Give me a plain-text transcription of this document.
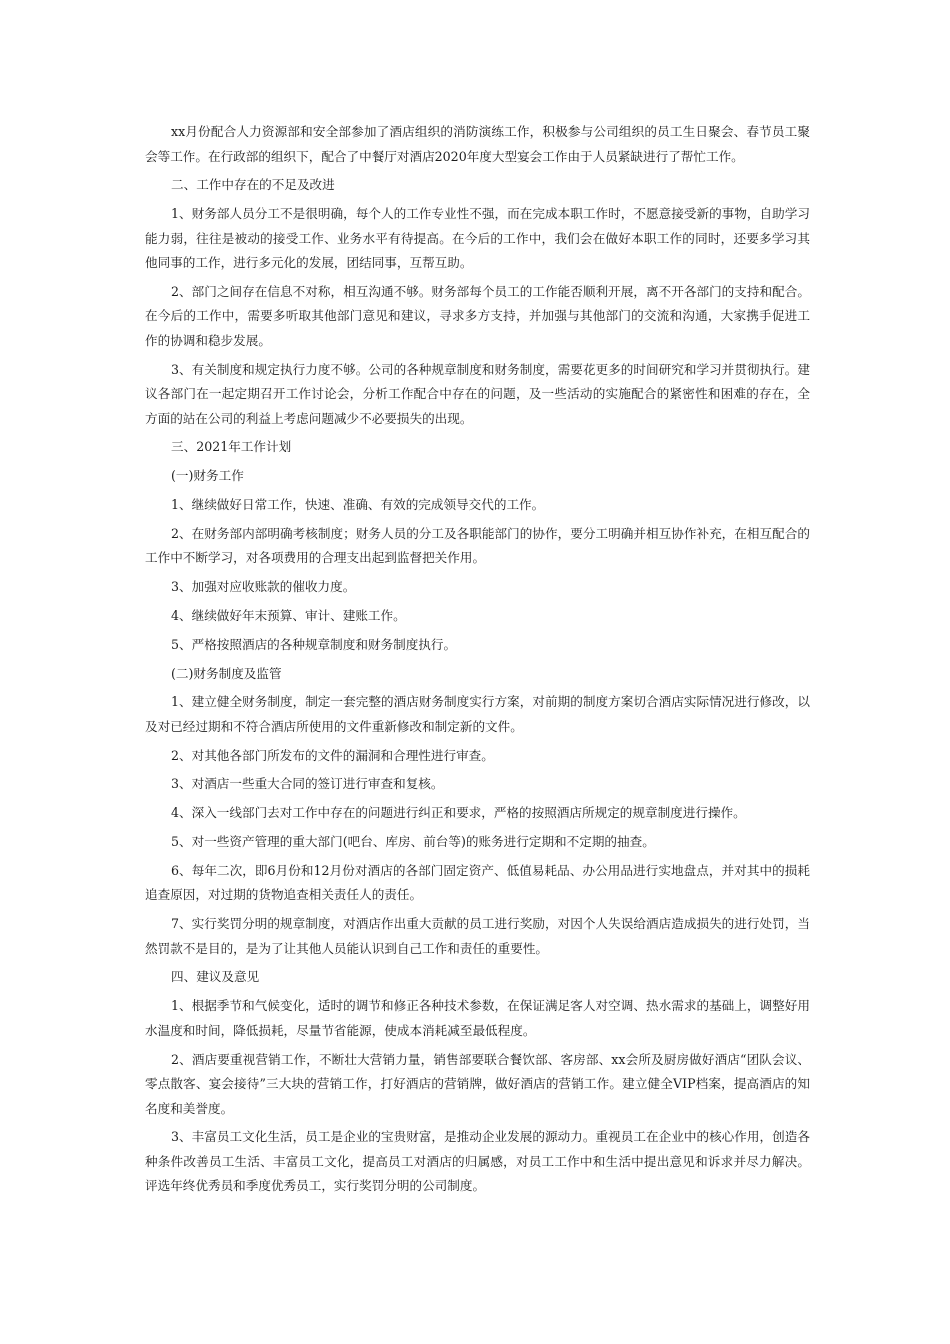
xx月份配合人力资源部和安全部参加了酒店组织的消防演练工作，积极参与公司组织的员工生日聚会、春节员工聚会等工作。在行政部的组织下，配合了中餐厅对酒店2020年度大型宴会工作由于人员紧缺进行了帮忙工作。

二、工作中存在的不足及改进

1、财务部人员分工不是很明确，每个人的工作专业性不强，而在完成本职工作时，不愿意接受新的事物，自助学习能力弱，往往是被动的接受工作、业务水平有待提高。在今后的工作中，我们会在做好本职工作的同时，还要多学习其他同事的工作，进行多元化的发展，团结同事，互帮互助。

2、部门之间存在信息不对称，相互沟通不够。财务部每个员工的工作能否顺利开展，离不开各部门的支持和配合。在今后的工作中，需要多听取其他部门意见和建议，寻求多方支持，并加强与其他部门的交流和沟通，大家携手促进工作的协调和稳步发展。

3、有关制度和规定执行力度不够。公司的各种规章制度和财务制度，需要花更多的时间研究和学习并贯彻执行。建议各部门在一起定期召开工作讨论会，分析工作配合中存在的问题，及一些活动的实施配合的紧密性和困难的存在，全方面的站在公司的利益上考虑问题减少不必要损失的出现。

三、2021年工作计划

(一)财务工作

1、继续做好日常工作，快速、准确、有效的完成领导交代的工作。

2、在财务部内部明确考核制度；财务人员的分工及各职能部门的协作，要分工明确并相互协作补充，在相互配合的工作中不断学习，对各项费用的合理支出起到监督把关作用。

3、加强对应收账款的催收力度。

4、继续做好年末预算、审计、建账工作。

5、严格按照酒店的各种规章制度和财务制度执行。

(二)财务制度及监管

1、建立健全财务制度，制定一套完整的酒店财务制度实行方案，对前期的制度方案切合酒店实际情况进行修改，以及对已经过期和不符合酒店所使用的文件重新修改和制定新的文件。

2、对其他各部门所发布的文件的漏洞和合理性进行审查。

3、对酒店一些重大合同的签订进行审查和复核。

4、深入一线部门去对工作中存在的问题进行纠正和要求，严格的按照酒店所规定的规章制度进行操作。

5、对一些资产管理的重大部门(吧台、库房、前台等)的账务进行定期和不定期的抽查。

6、每年二次，即6月份和12月份对酒店的各部门固定资产、低值易耗品、办公用品进行实地盘点，并对其中的损耗追查原因，对过期的货物追查相关责任人的责任。

7、实行奖罚分明的规章制度，对酒店作出重大贡献的员工进行奖励，对因个人失误给酒店造成损失的进行处罚，当然罚款不是目的，是为了让其他人员能认识到自己工作和责任的重要性。

四、建议及意见

1、根据季节和气候变化，适时的调节和修正各种技术参数，在保证满足客人对空调、热水需求的基础上，调整好用水温度和时间，降低损耗，尽量节省能源，使成本消耗减至最低程度。

2、酒店要重视营销工作，不断壮大营销力量，销售部要联合餐饮部、客房部、xx会所及厨房做好酒店“团队会议、零点散客、宴会接待”三大块的营销工作，打好酒店的营销牌，做好酒店的营销工作。建立健全VIP档案，提高酒店的知名度和美誉度。

3、丰富员工文化生活，员工是企业的宝贵财富，是推动企业发展的源动力。重视员工在企业中的核心作用，创造各种条件改善员工生活、丰富员工文化，提高员工对酒店的归属感，对员工工作中和生活中提出意见和诉求并尽力解决。评选年终优秀员和季度优秀员工，实行奖罚分明的公司制度。
